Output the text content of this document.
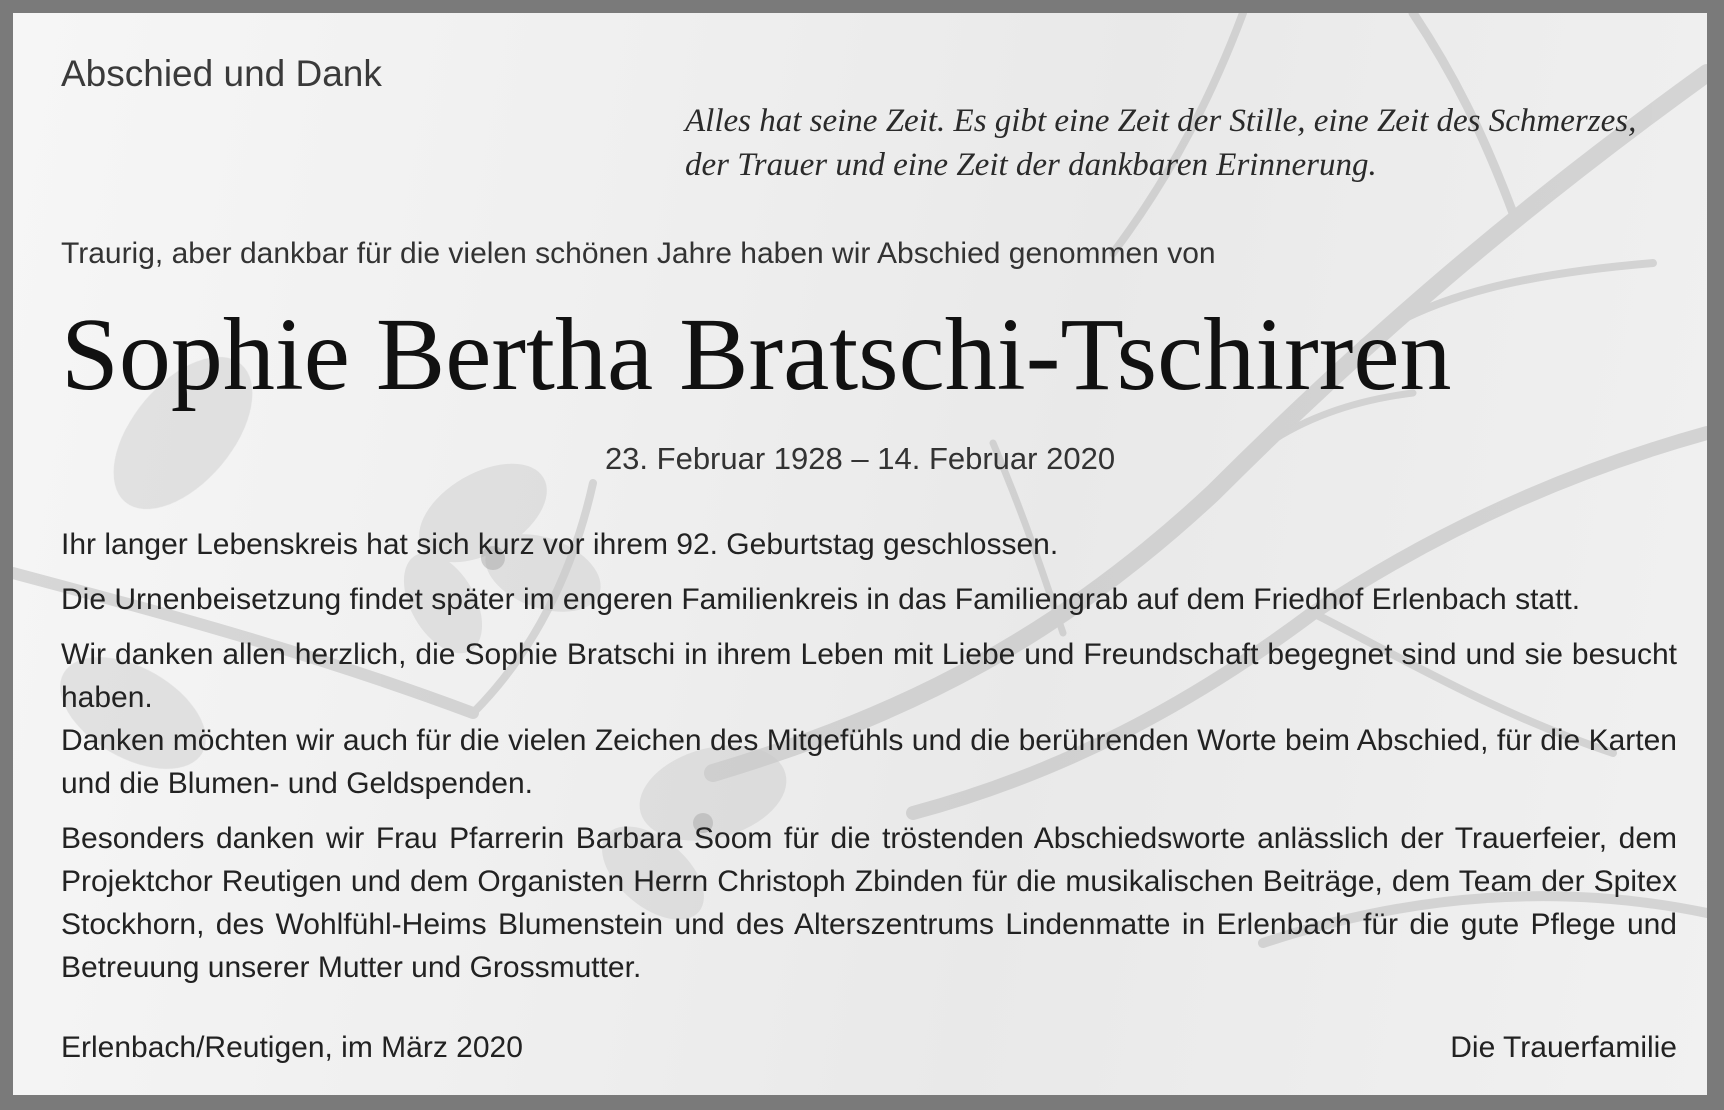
Abschied und Dank
Alles hat seine Zeit. Es gibt eine Zeit der Stille, eine Zeit des Schmerzes,
der Trauer und eine Zeit der dankbaren Erinnerung.
Traurig, aber dankbar für die vielen schönen Jahre haben wir Abschied genommen von
Sophie Bertha Bratschi-Tschirren
23. Februar 1928 – 14. Februar 2020

Ihr langer Lebenskreis hat sich kurz vor ihrem 92. Geburtstag geschlossen.

Die Urnenbeisetzung findet später im engeren Familienkreis in das Familiengrab auf dem Friedhof Erlenbach statt.

Wir danken allen herzlich, die Sophie Bratschi in ihrem Leben mit Liebe und Freundschaft begegnet sind und sie besucht haben.

Danken möchten wir auch für die vielen Zeichen des Mitgefühls und die berührenden Worte beim Abschied, für die Karten und die Blumen- und Geldspenden.

Besonders danken wir Frau Pfarrerin Barbara Soom für die tröstenden Abschiedsworte anlässlich der Trauerfeier, dem Projektchor Reutigen und dem Organisten Herrn Christoph Zbinden für die musikalischen Beiträge, dem Team der Spitex Stockhorn, des Wohlfühl-Heims Blumenstein und des Alterszentrums Lindenmatte in Erlenbach für die gute Pflege und Betreuung unserer Mutter und Grossmutter.

Erlenbach/Reutigen, im März 2020	Die Trauerfamilie
